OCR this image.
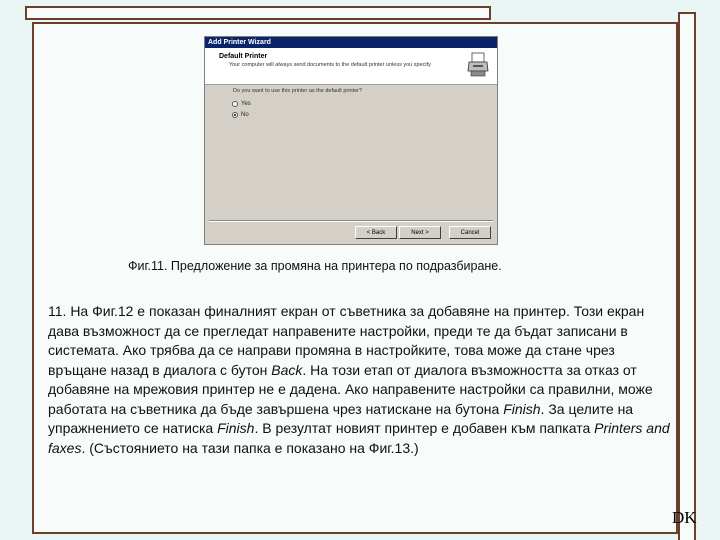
Add Printer Wizard
Default Printer
Your computer will always send documents to the default printer unless you specify
Do you want to use this printer as the default printer?
Yes
No
< Back	Next >	Cancel
Фиг.11. Предложение за промяна на принтера по подразбиране.

11. На Фиг.12 е показан финалният екран от съветника за добавяне на принтер. Този екран дава възможност да се прегледат направените настройки, преди те да бъдат записани в системата. Ако трябва да се направи промяна в настройките, това може да стане чрез връщане назад в диалога с бутон Back. На този етап от диалога възможността за отказ от добавяне на мрежовия принтер не е дадена. Ако направените настройки са правилни, може работата на съветника да бъде завършена чрез натискане на бутона Finish. За целите на упражнението се натиска Finish. В резултат новият принтер е добавен към папката Printers and faxes. (Състоянието на тази папка е показано на Фиг.13.)

DK
